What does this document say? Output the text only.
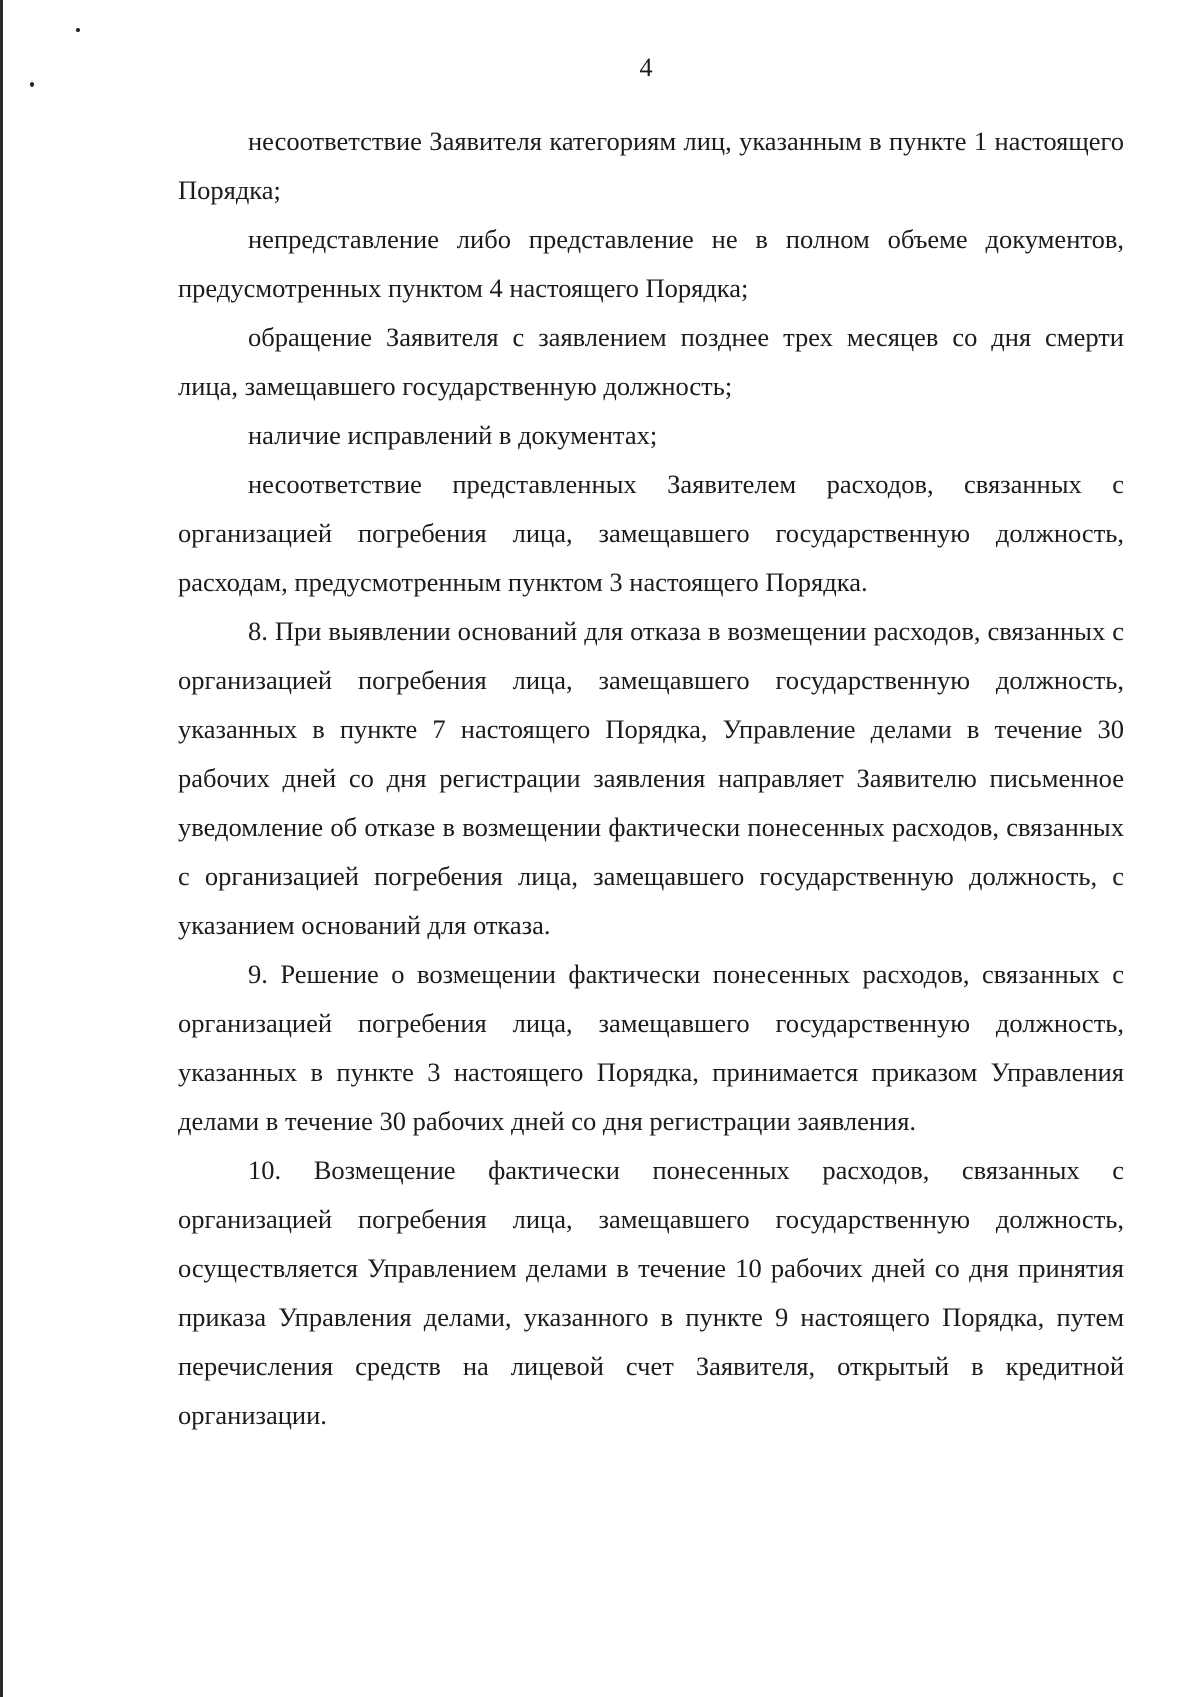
4

несоответствие Заявителя категориям лиц, указанным в пункте 1 настоящего Порядка;

непредставление либо представление не в полном объеме документов, предусмотренных пунктом 4 настоящего Порядка;

обращение Заявителя с заявлением позднее трех месяцев со дня смерти лица, замещавшего государственную должность;

наличие исправлений в документах;

несоответствие представленных Заявителем расходов, связанных с организацией погребения лица, замещавшего государственную должность, расходам, предусмотренным пунктом 3 настоящего Порядка.

8. При выявлении оснований для отказа в возмещении расходов, связанных с организацией погребения лица, замещавшего государственную должность, указанных в пункте 7 настоящего Порядка, Управление делами в течение 30 рабочих дней со дня регистрации заявления направляет Заявителю письменное уведомление об отказе в возмещении фактически понесенных расходов, связанных с организацией погребения лица, замещавшего государственную должность, с указанием оснований для отказа.

9. Решение о возмещении фактически понесенных расходов, связанных с организацией погребения лица, замещавшего государственную должность, указанных в пункте 3 настоящего Порядка, принимается приказом Управления делами в течение 30 рабочих дней со дня регистрации заявления.

10. Возмещение фактически понесенных расходов, связанных с организацией погребения лица, замещавшего государственную должность, осуществляется Управлением делами в течение 10 рабочих дней со дня принятия приказа Управления делами, указанного в пункте 9 настоящего Порядка, путем перечисления средств на лицевой счет Заявителя, открытый в кредитной организации.
